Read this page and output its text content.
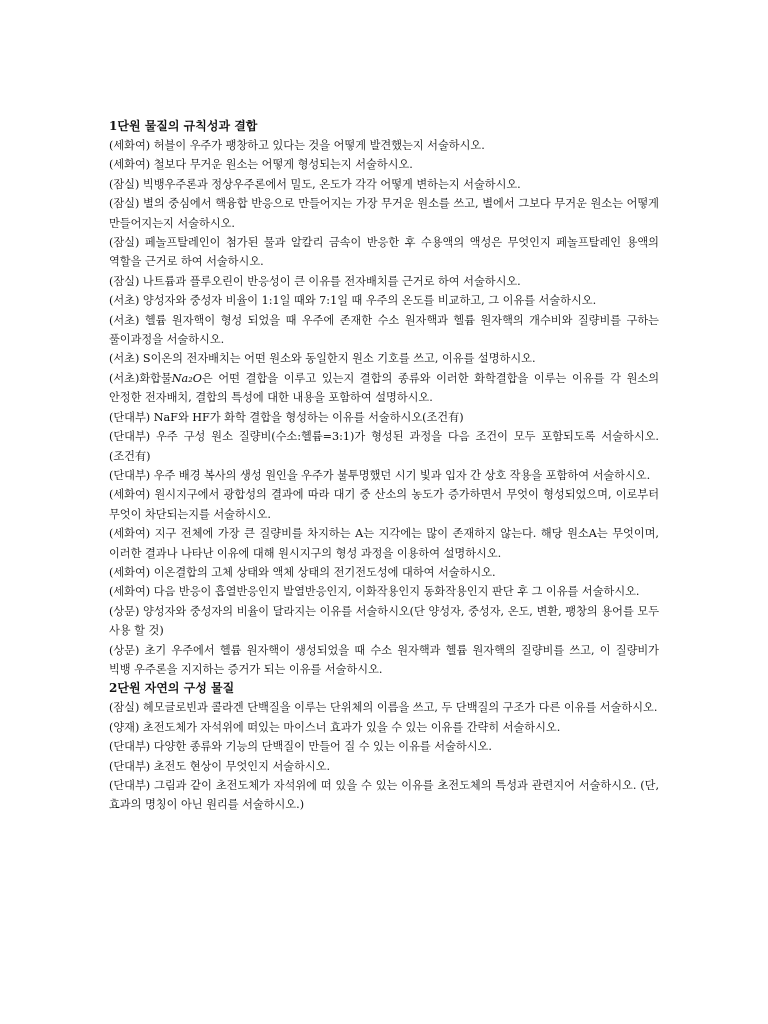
1단원 물질의 규칙성과 결합

(세화여) 허블이 우주가 팽창하고 있다는 것을 어떻게 발견했는지 서술하시오.

(세화여) 철보다 무거운 원소는 어떻게 형성되는지 서술하시오.

(잠실) 빅뱅우주론과 정상우주론에서 밀도, 온도가 각각 어떻게 변하는지 서술하시오.

(잠실) 별의 중심에서 핵융합 반응으로 만들어지는 가장 무거운 원소를 쓰고, 별에서 그보다 무거운 원소는 어떻게 만들어지는지 서술하시오.

(잠실) 페놀프탈레인이 첨가된 물과 알칼리 금속이 반응한 후 수용액의 액성은 무엇인지 페놀프탈레인 용액의 역할을 근거로 하여 서술하시오.

(잠실) 나트륨과 플루오린이 반응성이 큰 이유를 전자배치를 근거로 하여 서술하시오.

(서초) 양성자와 중성자 비율이 1:1일 때와 7:1일 때 우주의 온도를 비교하고, 그 이유를 서술하시오.

(서초) 헬륨 원자핵이 형성 되었을 때 우주에 존재한 수소 원자핵과 헬륨 원자핵의 개수비와 질량비를 구하는 풀이과정을 서술하시오.

(서초) S이온의 전자배치는 어떤 원소와 동일한지 원소 기호를 쓰고, 이유를 설명하시오.

(서초)화합물Na₂O은 어떤 결합을 이루고 있는지 결합의 종류와 이러한 화학결합을 이루는 이유를 각 원소의 안정한 전자배치, 결합의 특성에 대한 내용을 포함하여 설명하시오.

(단대부) NaF와 HF가 화학 결합을 형성하는 이유를 서술하시오(조건有)

(단대부) 우주 구성 원소 질량비(수소:헬륨=3:1)가 형성된 과정을 다음 조건이 모두 포함되도록 서술하시오. (조건有)

(단대부) 우주 배경 복사의 생성 원인을 우주가 불투명했던 시기 빛과 입자 간 상호 작용을 포함하여 서술하시오.

(세화여) 원시지구에서 광합성의 결과에 따라 대기 중 산소의 농도가 증가하면서 무엇이 형성되었으며, 이로부터 무엇이 차단되는지를 서술하시오.

(세화여) 지구 전체에 가장 큰 질량비를 차지하는 A는 지각에는 많이 존재하지 않는다. 해당 원소A는 무엇이며, 이러한 결과나 나타난 이유에 대해 원시지구의 형성 과정을 이용하여 설명하시오.

(세화여) 이온결합의 고체 상태와 액체 상태의 전기전도성에 대하여 서술하시오.

(세화여) 다음 반응이 흡열반응인지 발열반응인지, 이화작용인지 동화작용인지 판단 후 그 이유를 서술하시오.

(상문) 양성자와 중성자의 비율이 달라지는 이유를 서술하시오(단 양성자, 중성자, 온도, 변환, 팽창의 용어를 모두 사용 할 것)

(상문) 초기 우주에서 헬륨 원자핵이 생성되었을 때 수소 원자핵과 헬륨 원자핵의 질량비를 쓰고, 이 질량비가 빅뱅 우주론을 지지하는 증거가 되는 이유를 서술하시오.

2단원 자연의 구성 물질

(잠실) 헤모글로빈과 콜라겐 단백질을 이루는 단위체의 이름을 쓰고, 두 단백질의 구조가 다른 이유를 서술하시오.

(양재) 초전도체가 자석위에 떠있는 마이스너 효과가 있을 수 있는 이유를 간략히 서술하시오.

(단대부) 다양한 종류와 기능의 단백질이 만들어 질 수 있는 이유를 서술하시오.

(단대부) 초전도 현상이 무엇인지 서술하시오.

(단대부) 그림과 같이 초전도체가 자석위에 떠 있을 수 있는 이유를 초전도체의 특성과 관련지어 서술하시오. (단, 효과의 명칭이 아닌 원리를 서술하시오.)
